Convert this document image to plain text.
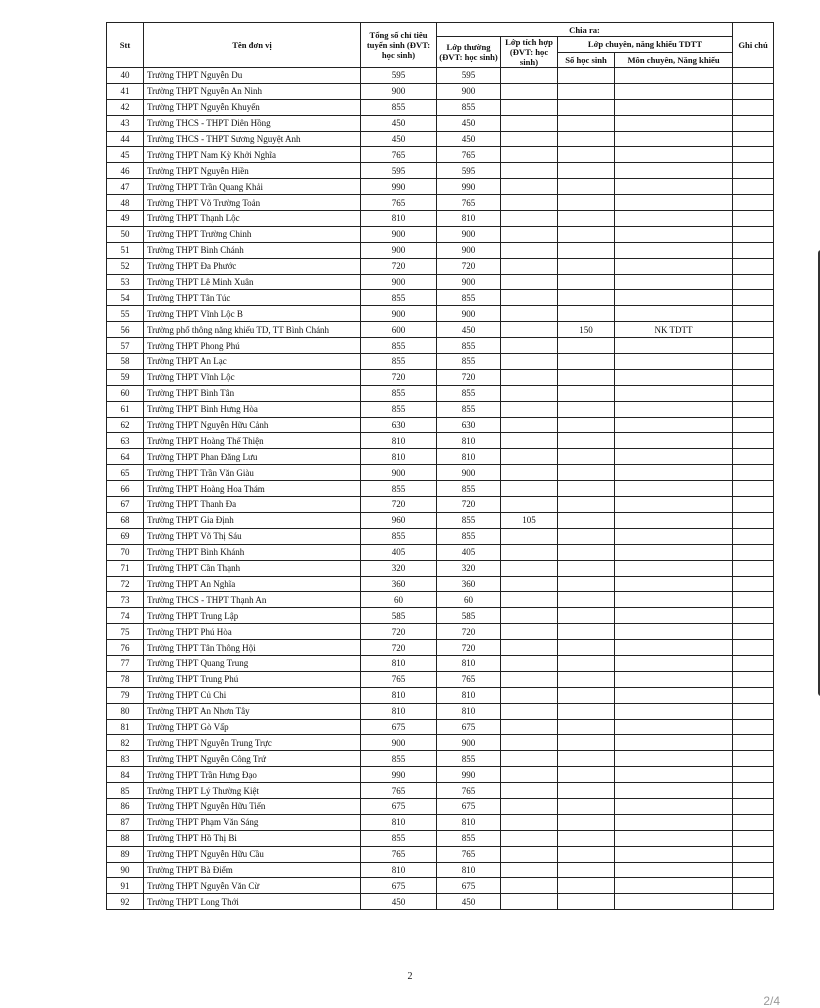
Stt	Tên đơn vị	Tổng số chỉ tiêu tuyển sinh (ĐVT: học sinh)	Chia ra:				Ghi chú
			Lớp thường (ĐVT: học sinh)	Lớp tích hợp (ĐVT: học sinh)	Lớp chuyên, năng khiếu TDTT		
					Số học sinh	Môn chuyên, Năng khiếu	
40	Trường THPT Nguyễn Du	595	595				
41	Trường THPT Nguyễn An Ninh	900	900				
42	Trường THPT Nguyễn Khuyến	855	855				
43	Trường THCS - THPT Diên Hồng	450	450				
44	Trường THCS - THPT Sương Nguyệt Anh	450	450				
45	Trường THPT Nam Kỳ Khởi Nghĩa	765	765				
46	Trường THPT Nguyễn Hiền	595	595				
47	Trường THPT Trần Quang Khải	990	990				
48	Trường THPT Võ Trường Toản	765	765				
49	Trường THPT Thạnh Lộc	810	810				
50	Trường THPT Trường Chinh	900	900				
51	Trường THPT Bình Chánh	900	900				
52	Trường THPT Đa Phước	720	720				
53	Trường THPT Lê Minh Xuân	900	900				
54	Trường THPT Tân Túc	855	855				
55	Trường THPT Vĩnh Lộc B	900	900				
56	Trường phổ thông năng khiếu TD, TT Bình Chánh	600	450		150	NK TDTT	
57	Trường THPT Phong Phú	855	855				
58	Trường THPT An Lạc	855	855				
59	Trường THPT Vĩnh Lộc	720	720				
60	Trường THPT Bình Tân	855	855				
61	Trường THPT Bình Hưng Hòa	855	855				
62	Trường THPT Nguyễn Hữu Cảnh	630	630				
63	Trường THPT Hoàng Thế Thiện	810	810				
64	Trường THPT Phan Đăng Lưu	810	810				
65	Trường THPT Trần Văn Giàu	900	900				
66	Trường THPT Hoàng Hoa Thám	855	855				
67	Trường THPT Thanh Đa	720	720				
68	Trường THPT Gia Định	960	855	105			
69	Trường THPT Võ Thị Sáu	855	855				
70	Trường THPT Bình Khánh	405	405				
71	Trường THPT Cần Thạnh	320	320				
72	Trường THPT An Nghĩa	360	360				
73	Trường THCS - THPT Thạnh An	60	60				
74	Trường THPT Trung Lập	585	585				
75	Trường THPT Phú Hòa	720	720				
76	Trường THPT Tân Thông Hội	720	720				
77	Trường THPT Quang Trung	810	810				
78	Trường THPT Trung Phú	765	765				
79	Trường THPT Củ Chi	810	810				
80	Trường THPT An Nhơn Tây	810	810				
81	Trường THPT Gò Vấp	675	675				
82	Trường THPT Nguyễn Trung Trực	900	900				
83	Trường THPT Nguyễn Công Trứ	855	855				
84	Trường THPT Trần Hưng Đạo	990	990				
85	Trường THPT Lý Thường Kiệt	765	765				
86	Trường THPT Nguyễn Hữu Tiến	675	675				
87	Trường THPT Phạm Văn Sáng	810	810				
88	Trường THPT Hồ Thị Bi	855	855				
89	Trường THPT Nguyễn Hữu Cầu	765	765				
90	Trường THPT Bà Điểm	810	810				
91	Trường THPT Nguyễn Văn Cừ	675	675				
92	Trường THPT Long Thới	450	450				
2
2/4
